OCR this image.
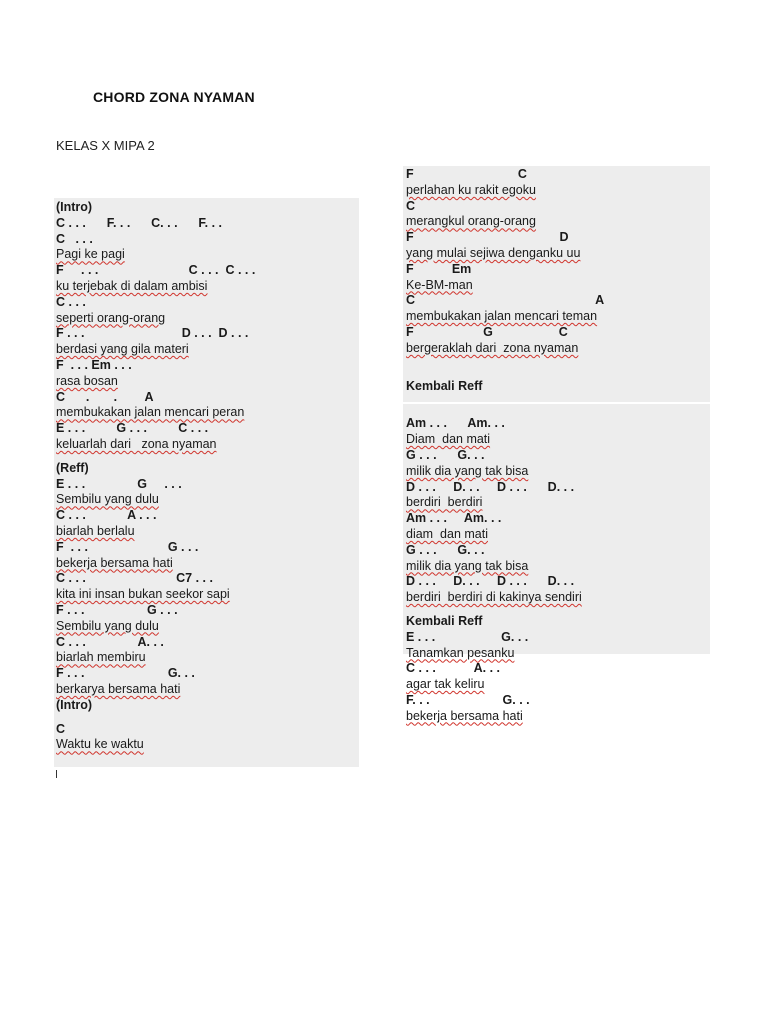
CHORD ZONA NYAMAN
KELAS X MIPA 2
(Intro)
C . . .      F. . .      C. . .      F. . .
C   . . .
Pagi ke pagi
F     . . .                          C . . .  C . . .
ku terjebak di dalam ambisi
C . . .
seperti orang-orang
F . . .                            D . . .  D . . .
berdasi yang gila materi
F  . . . Em . . .
rasa bosan
C      .       .        A
membukakan jalan mencari peran
E . . .         G . . .         C . . .
keluarlah dari   zona nyaman
(Reff)
E . . .               G     . . .
Sembilu yang dulu
C . . .            A . . .
biarlah berlalu
F  . . .                       G . . .
bekerja bersama hati
C . . .                          C7 . . .
kita ini insan bukan seekor sapi
F . . .                  G . . .
Sembilu yang dulu
C . . .               A. . .
biarlah membiru
F . . .                        G. . .
berkarya bersama hati
(Intro)
C
Waktu ke waktu
F                              C
perlahan ku rakit egoku
C
merangkul orang-orang
F                                          D
yang mulai sejiwa denganku uu
F           Em
Ke-BM-man
C                                                    A
membukakan jalan mencari teman
F                    G                   C
bergeraklah dari  zona nyaman
Kembali Reff
Am . . .      Am. . .
Diam  dan mati
G . . .      G. . .
milik dia yang tak bisa
D . . .     D. . .     D . . .      D. . .
berdiri  berdiri
Am . . .     Am. . .
diam  dan mati
G . . .      G. . .
milik dia yang tak bisa
D . . .     D. . .     D . . .      D. . .
berdiri  berdiri di kakinya sendiri
Kembali Reff
E . . .                   G. . .
Tanamkan pesanku
C . . .           A. . .
agar tak keliru
F. . .                     G. . .
bekerja bersama hati
